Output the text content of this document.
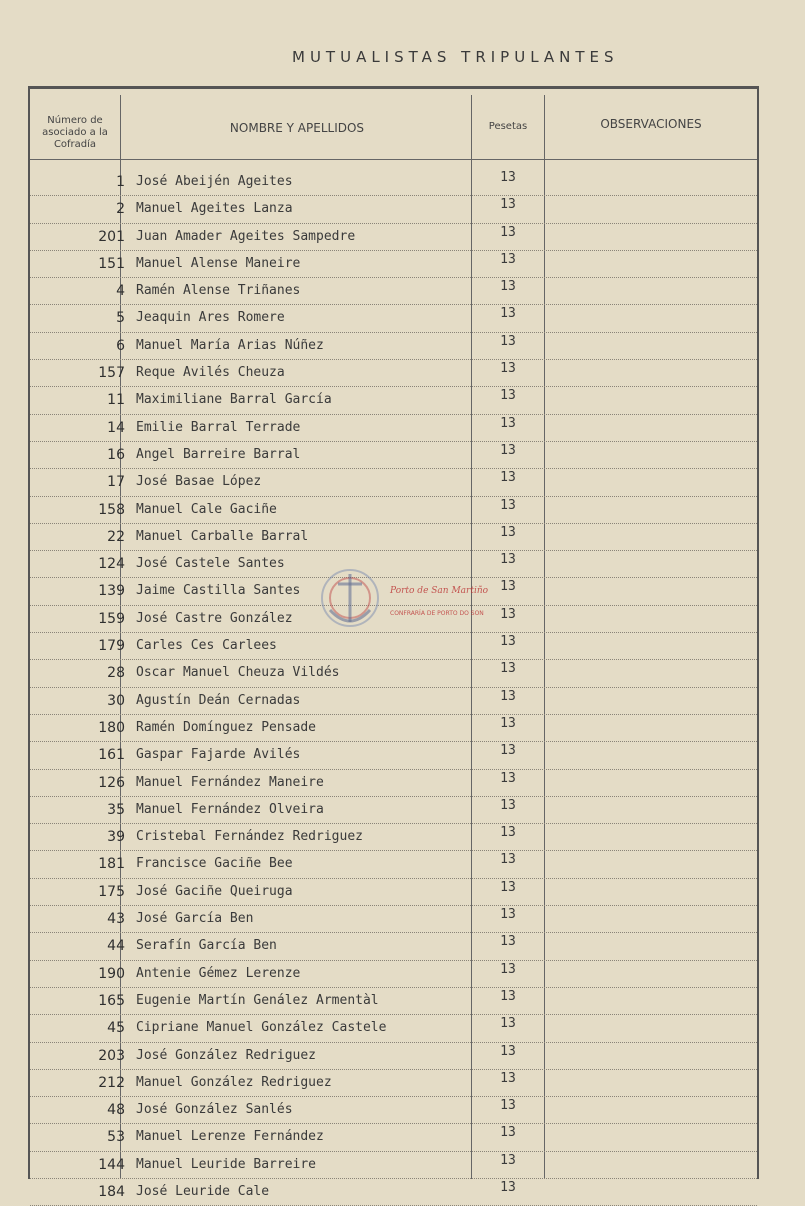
MUTUALISTAS TRIPULANTES
Número de asociado a la Cofradía
NOMBRE Y APELLIDOS	Pesetas	OBSERVACIONES
1 José Abeijén Ageites	13
2 Manuel Ageites Lanza	13
201 Juan Amader Ageites Sampedre	13
151 Manuel Alense Maneire	13
4 Ramén Alense Triñanes	13
5 Jeaquin Ares Romere	13
6 Manuel María Arias Núñez	13
157 Reque Avilés Cheuza	13
11 Maximiliane Barral García	13
14 Emilie Barral Terrade	13
16 Angel Barreire Barral	13
17 José Basae López	13
158 Manuel Cale Gaciñe	13
22 Manuel Carballe Barral	13
124 José Castele Santes	13
139 Jaime Castilla Santes	13
159 José Castre González	13
179 Carles Ces Carlees	13
28 Oscar Manuel Cheuza Vildés	13
30 Agustín Deán Cernadas	13
180 Ramén Domínguez Pensade	13
161 Gaspar Fajarde Avilés	13
126 Manuel Fernández Maneire	13
35 Manuel Fernández Olveira	13
39 Cristebal Fernández Redriguez	13
181 Francisce Gaciñe Bee	13
175 José Gaciñe Queiruga	13
43 José García Ben	13
44 Serafín García Ben	13
190 Antenie Gémez Lerenze	13
165 Eugenie Martín Genález Armentàl	13
45 Cipriane Manuel González Castele	13
203 José González Redriguez	13
212 Manuel González Redriguez	13
48 José González Sanlés	13
53 Manuel Lerenze Fernández	13
144 Manuel Leuride Barreire	13
184 José Leuride Cale	13
Porto de San Martiño
CONFRARÍA DE PORTO DO SON
